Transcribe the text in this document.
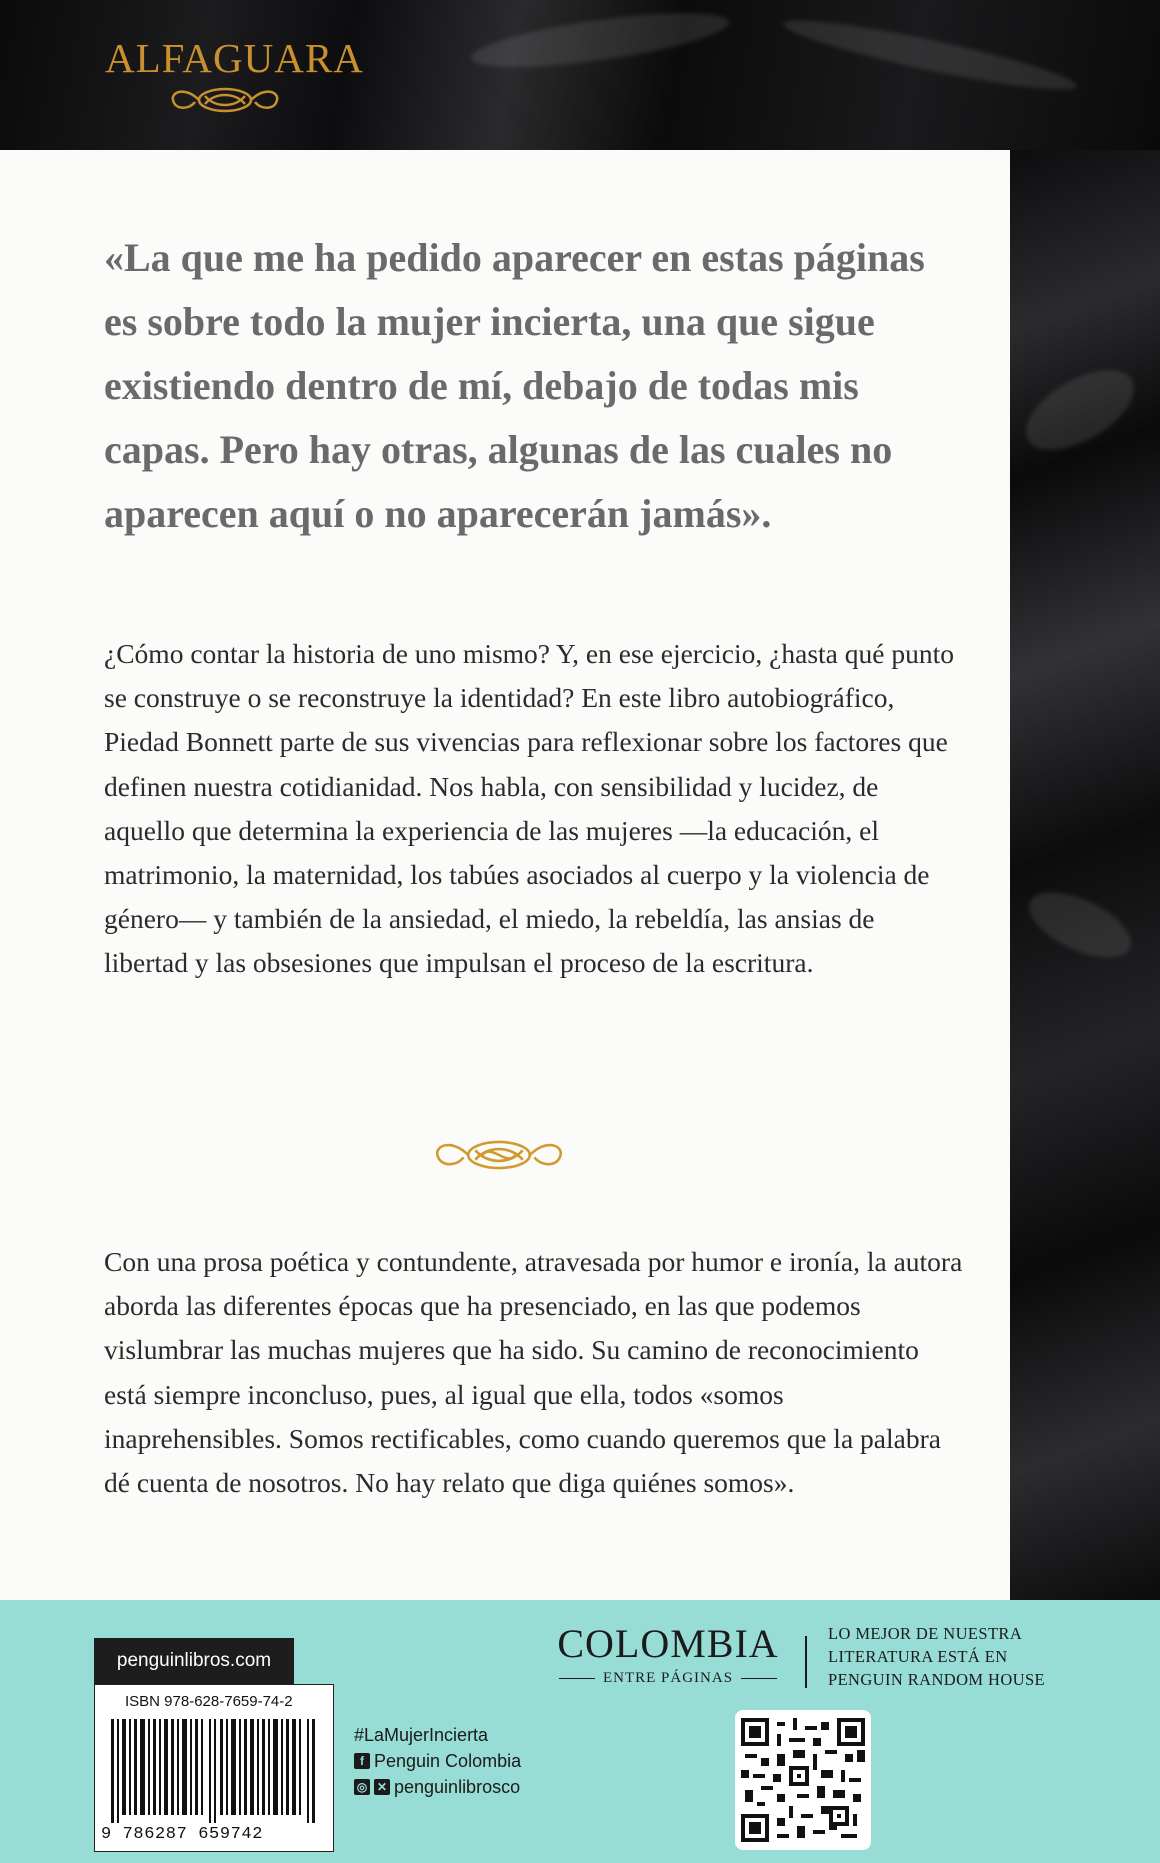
ALFAGUARA

«La que me ha pedido aparecer en estas páginas es sobre todo la mujer incierta, una que sigue existiendo dentro de mí, debajo de todas mis capas. Pero hay otras, algunas de las cuales no aparecen aquí o no aparecerán jamás».

¿Cómo contar la historia de uno mismo? Y, en ese ejercicio, ¿hasta qué punto se construye o se reconstruye la identidad? En este libro autobiográfico, Piedad Bonnett parte de sus vivencias para reflexionar sobre los factores que definen nuestra cotidianidad. Nos habla, con sensibilidad y lucidez, de aquello que determina la experiencia de las mujeres —la educación, el matrimonio, la maternidad, los tabúes asociados al cuerpo y la violencia de género— y también de la ansiedad, el miedo, la rebeldía, las ansias de libertad y las obsesiones que impulsan el proceso de la escritura.

Con una prosa poética y contundente, atravesada por humor e ironía, la autora aborda las diferentes épocas que ha presenciado, en las que podemos vislumbrar las muchas mujeres que ha sido. Su camino de reconocimiento está siempre inconcluso, pues, al igual que ella, todos «somos inaprehensibles. Somos rectificables, como cuando queremos que la palabra dé cuenta de nosotros. No hay relato que diga quiénes somos».

penguinlibros.com
ISBN 978-628-7659-74-2
9 786287 659742
#LaMujerIncierta
f Penguin Colombia
◎ ✕ penguinlibrosco
COLOMBIA
ENTRE PÁGINAS
LO MEJOR DE NUESTRA
LITERATURA ESTÁ EN
PENGUIN RANDOM HOUSE
